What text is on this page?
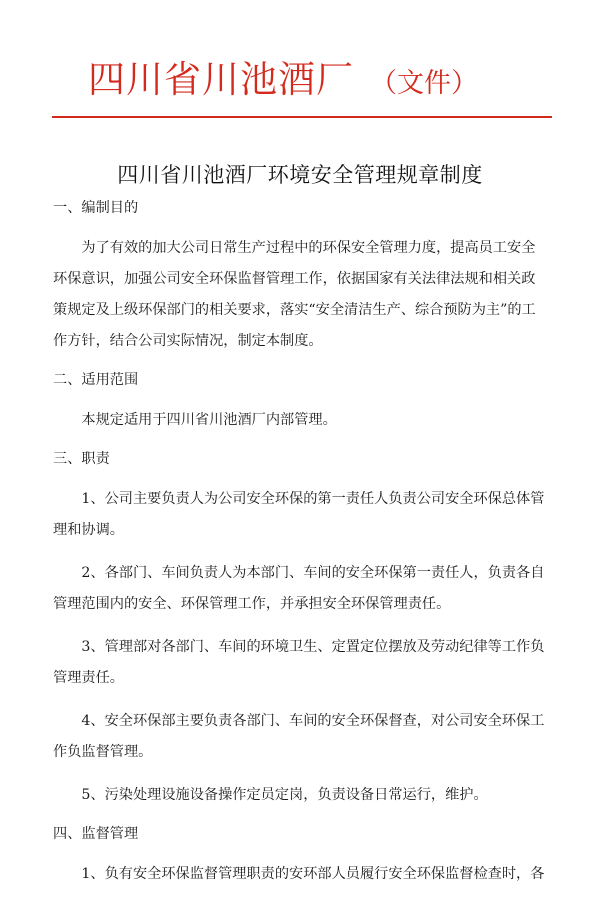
四川省川池酒厂 （文件）
四川省川池酒厂环境安全管理规章制度
一、编制目的
为了有效的加大公司日常生产过程中的环保安全管理力度，提高员工安全环保意识，加强公司安全环保监督管理工作，依据国家有关法律法规和相关政策规定及上级环保部门的相关要求，落实“安全清洁生产、综合预防为主”的工作方针，结合公司实际情况，制定本制度。
二、适用范围
本规定适用于四川省川池酒厂内部管理。
三、职责
1、公司主要负责人为公司安全环保的第一责任人负责公司安全环保总体管理和协调。
2、各部门、车间负责人为本部门、车间的安全环保第一责任人，负责各自管理范围内的安全、环保管理工作，并承担安全环保管理责任。
3、管理部对各部门、车间的环境卫生、定置定位摆放及劳动纪律等工作负管理责任。
4、安全环保部主要负责各部门、车间的安全环保督查，对公司安全环保工作负监督管理。
5、污染处理设施设备操作定员定岗，负责设备日常运行，维护。
四、监督管理
1、负有安全环保监督管理职责的安环部人员履行安全环保监督检查时，各
